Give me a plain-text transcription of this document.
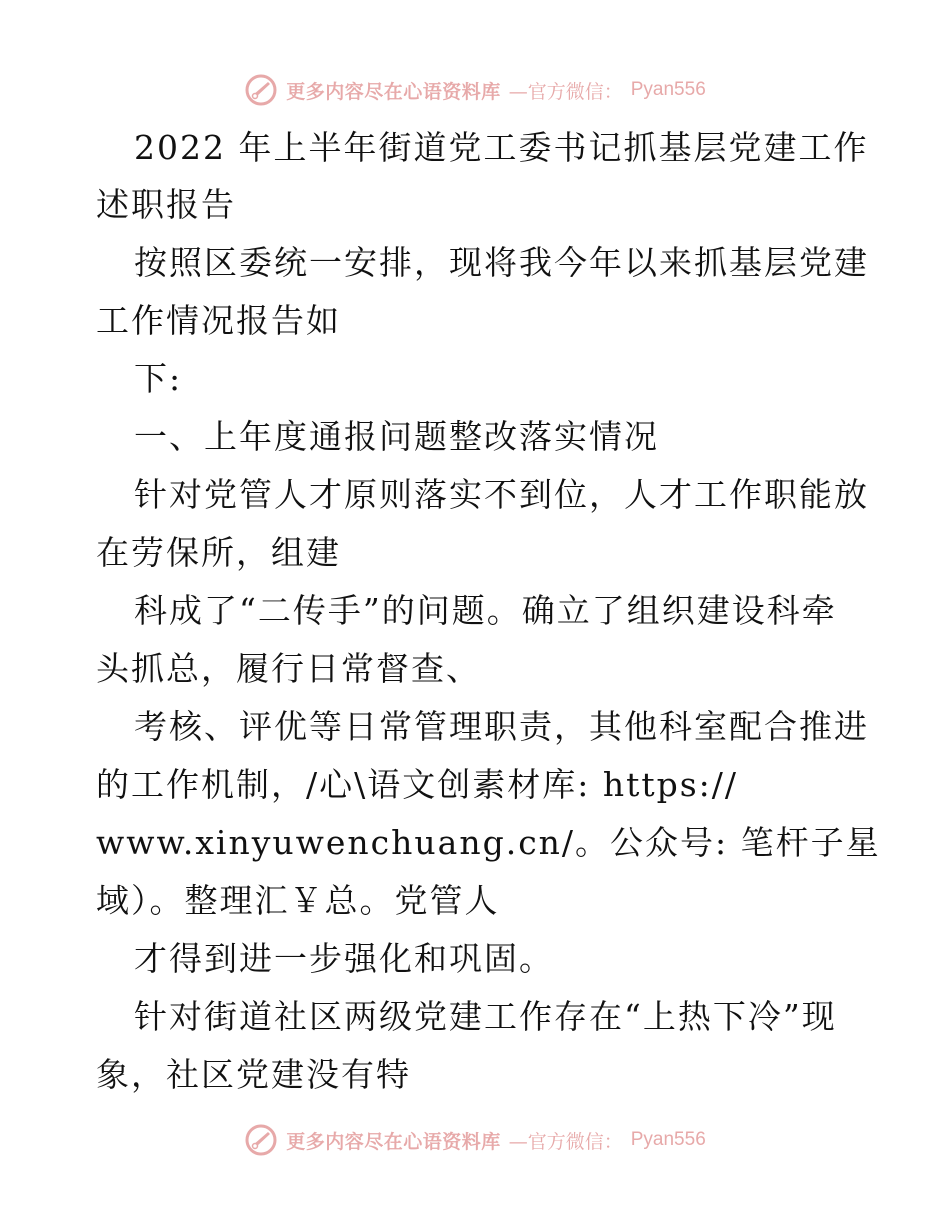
更多内容尽在心语资料库 —官方微信： Pyan556
2022 年上半年街道党工委书记抓基层党建工作
述职报告
按照区委统一安排，现将我今年以来抓基层党建
工作情况报告如
下:
一、上年度通报问题整改落实情况
针对党管人才原则落实不到位，人才工作职能放
在劳保所，组建
科成了“二传手”的问题。确立了组织建设科牵
头抓总，履行日常督查、
考核、评优等日常管理职责，其他科室配合推进
的工作机制，/心\语文创素材库: https://
www.xinyuwenchuang.cn/。公众号: 笔杆子星
域）。整理汇￥总。党管人
才得到进一步强化和巩固。
针对街道社区两级党建工作存在“上热下冷”现
象，社区党建没有特
更多内容尽在心语资料库 —官方微信： Pyan556
